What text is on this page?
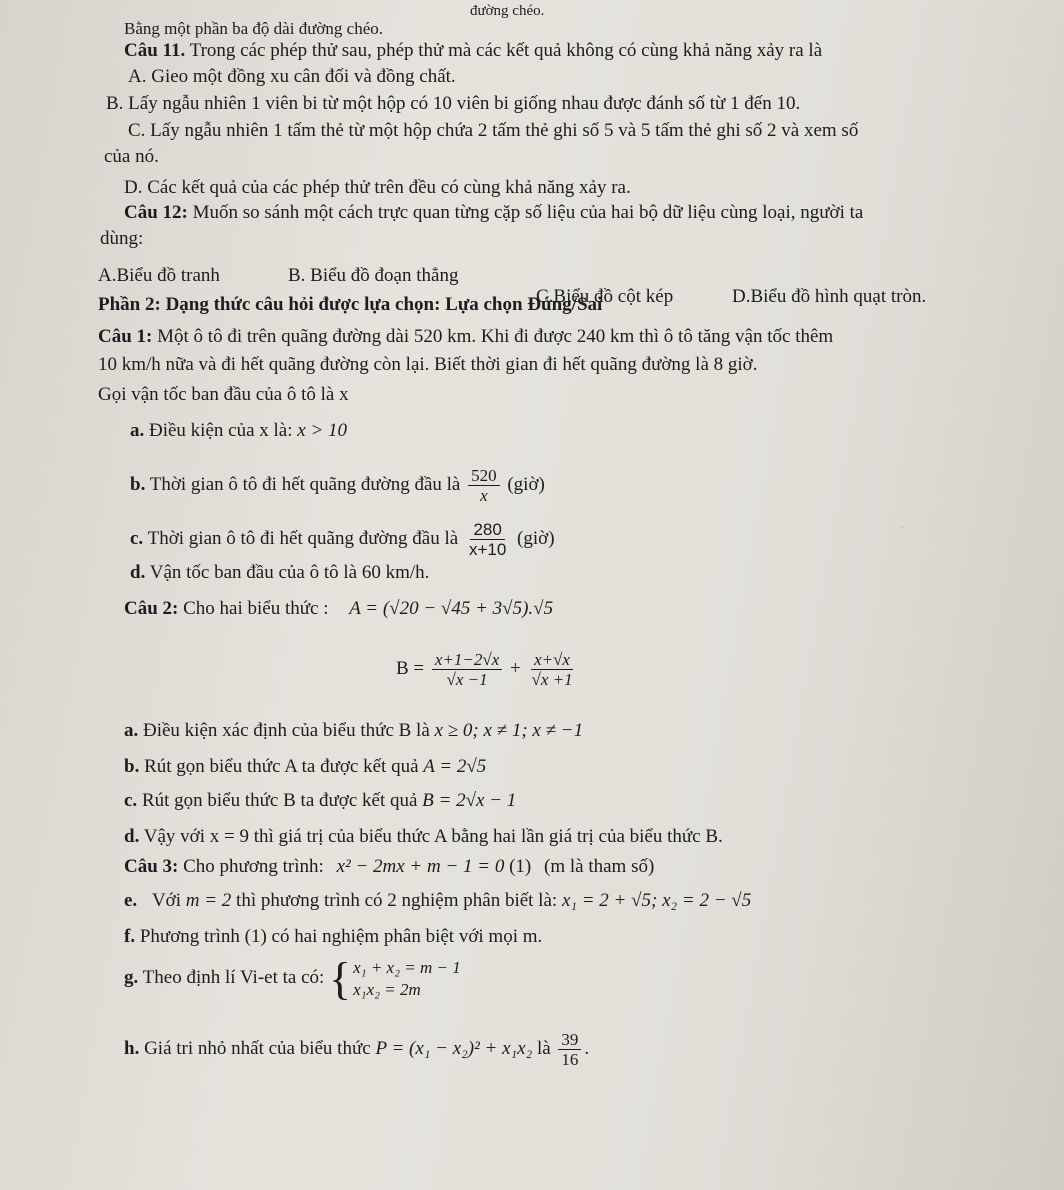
·
đường chéo.
Bằng một phần ba độ dài đường chéo.
Câu 11. Trong các phép thử sau, phép thử mà các kết quả không có cùng khả năng xảy ra là
A. Gieo một đồng xu cân đối và đồng chất.
B. Lấy ngẫu nhiên 1 viên bi từ một hộp có 10 viên bi giống nhau được đánh số từ 1 đến 10.
C. Lấy ngẫu nhiên 1 tấm thẻ từ một hộp chứa 2 tấm thẻ ghi số 5 và 5 tấm thẻ ghi số 2 và xem số
của nó.
D. Các kết quả của các phép thử trên đều có cùng khả năng xảy ra.
Câu 12: Muốn so sánh một cách trực quan từng cặp số liệu của hai bộ dữ liệu cùng loại, người ta
dùng:
A.Biểu đồ tranh	B. Biểu đồ đoạn thẳng
C.Biểu đồ cột kép	D.Biểu đồ hình quạt tròn.
Phần 2: Dạng thức câu hỏi được lựa chọn: Lựa chọn Đúng/Sai
Câu 1: Một ô tô đi trên quãng đường dài 520 km. Khi đi được 240 km thì ô tô tăng vận tốc thêm
10 km/h nữa và đi hết quãng đường còn lại. Biết thời gian đi hết quãng đường là 8 giờ.
Gọi vận tốc ban đầu của ô tô là x
a. Điều kiện của x là: x > 10
b. Thời gian ô tô đi hết quãng đường đầu là $\frac{520}{x}$ (giờ)
c. Thời gian ô tô đi hết quãng đường đầu là $\frac{280}{x+10}$ (giờ)
d. Vận tốc ban đầu của ô tô là 60 km/h.
Câu 2: Cho hai biểu thức : A = (√20 − √45 + 3√5).√5
$B = \frac{x+1-2√x}{√x -1} + \frac{x+√x}{√x +1}$
a. Điều kiện xác định của biểu thức B là x ≥ 0; x ≠ 1; x ≠ −1
b. Rút gọn biểu thức A ta được kết quả A = 2√5
c. Rút gọn biểu thức B ta được kết quả B = 2√x − 1
d. Vậy với x = 9 thì giá trị của biểu thức A bằng hai lần giá trị của biểu thức B.
Câu 3: Cho phương trình: x² − 2mx + m − 1 = 0 (1) (m là tham số)
e. Với m = 2 thì phương trình có 2 nghiệm phân biết là: x₁ = 2 + √5; x₂ = 2 − √5
f. Phương trình (1) có hai nghiệm phân biệt với mọi m.
g. Theo định lí Vi-et ta có: { x₁ + x₂ = m − 1
x₁x₂ = 2m
h. Giá tri nhỏ nhất của biểu thức P = (x₁ − x₂)² + x₁x₂ là $\frac{39}{16}$ .
